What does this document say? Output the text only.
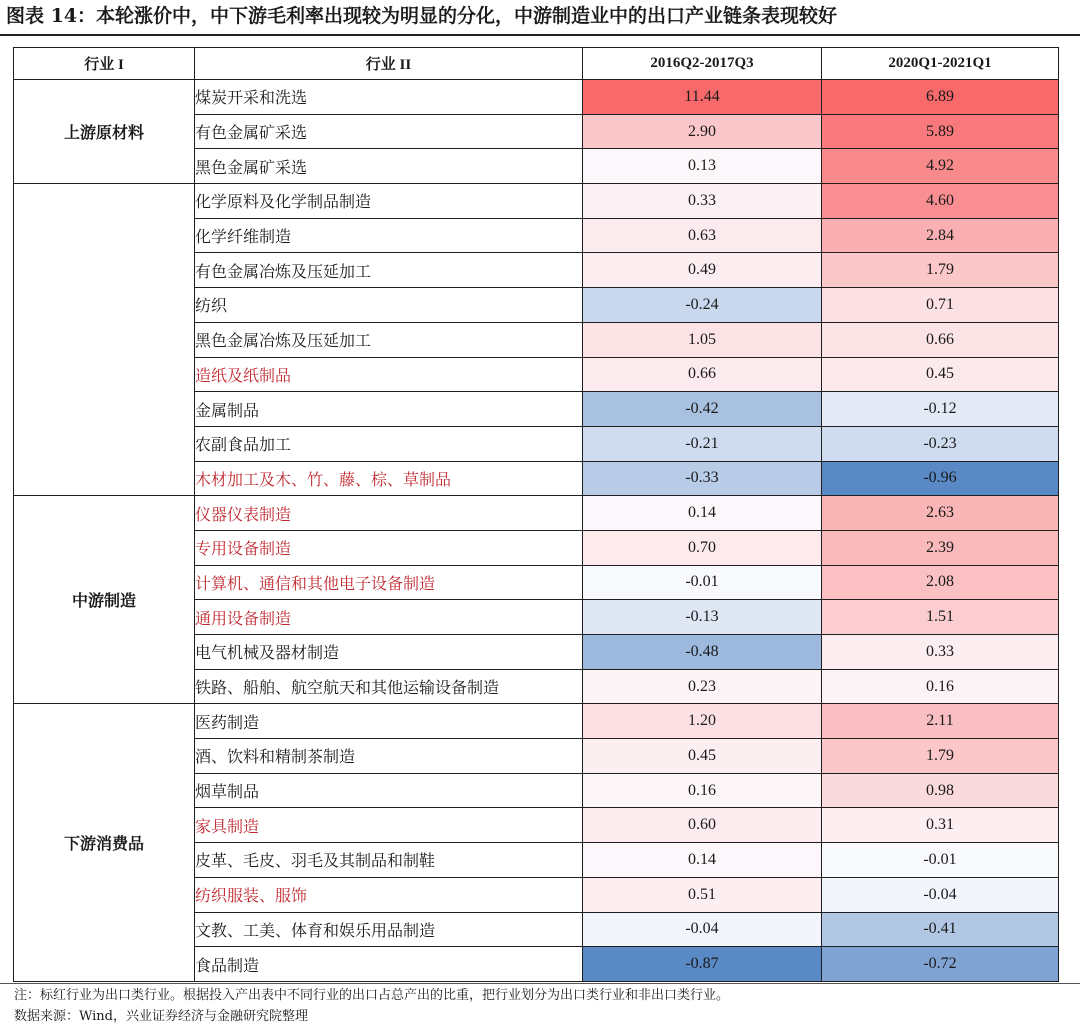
图表 14：本轮涨价中，中下游毛利率出现较为明显的分化，中游制造业中的出口产业链条表现较好
行业 I	行业 II	2016Q2-2017Q3	2020Q1-2021Q1
上游原材料	煤炭开采和洗选	11.44	6.89
	有色金属矿采选	2.90	5.89
	黑色金属矿采选	0.13	4.92
	化学原料及化学制品制造	0.33	4.60
	化学纤维制造	0.63	2.84
	有色金属冶炼及压延加工	0.49	1.79
	纺织	-0.24	0.71
	黑色金属冶炼及压延加工	1.05	0.66
	造纸及纸制品	0.66	0.45
	金属制品	-0.42	-0.12
	农副食品加工	-0.21	-0.23
	木材加工及木、竹、藤、棕、草制品	-0.33	-0.96
中游制造	仪器仪表制造	0.14	2.63
	专用设备制造	0.70	2.39
	计算机、通信和其他电子设备制造	-0.01	2.08
	通用设备制造	-0.13	1.51
	电气机械及器材制造	-0.48	0.33
	铁路、船舶、航空航天和其他运输设备制造	0.23	0.16
下游消费品	医药制造	1.20	2.11
	酒、饮料和精制茶制造	0.45	1.79
	烟草制品	0.16	0.98
	家具制造	0.60	0.31
	皮革、毛皮、羽毛及其制品和制鞋	0.14	-0.01
	纺织服装、服饰	0.51	-0.04
	文教、工美、体育和娱乐用品制造	-0.04	-0.41
	食品制造	-0.87	-0.72
注：标红行业为出口类行业。根据投入产出表中不同行业的出口占总产出的比重，把行业划分为出口类行业和非出口类行业。
数据来源：Wind，兴业证券经济与金融研究院整理
